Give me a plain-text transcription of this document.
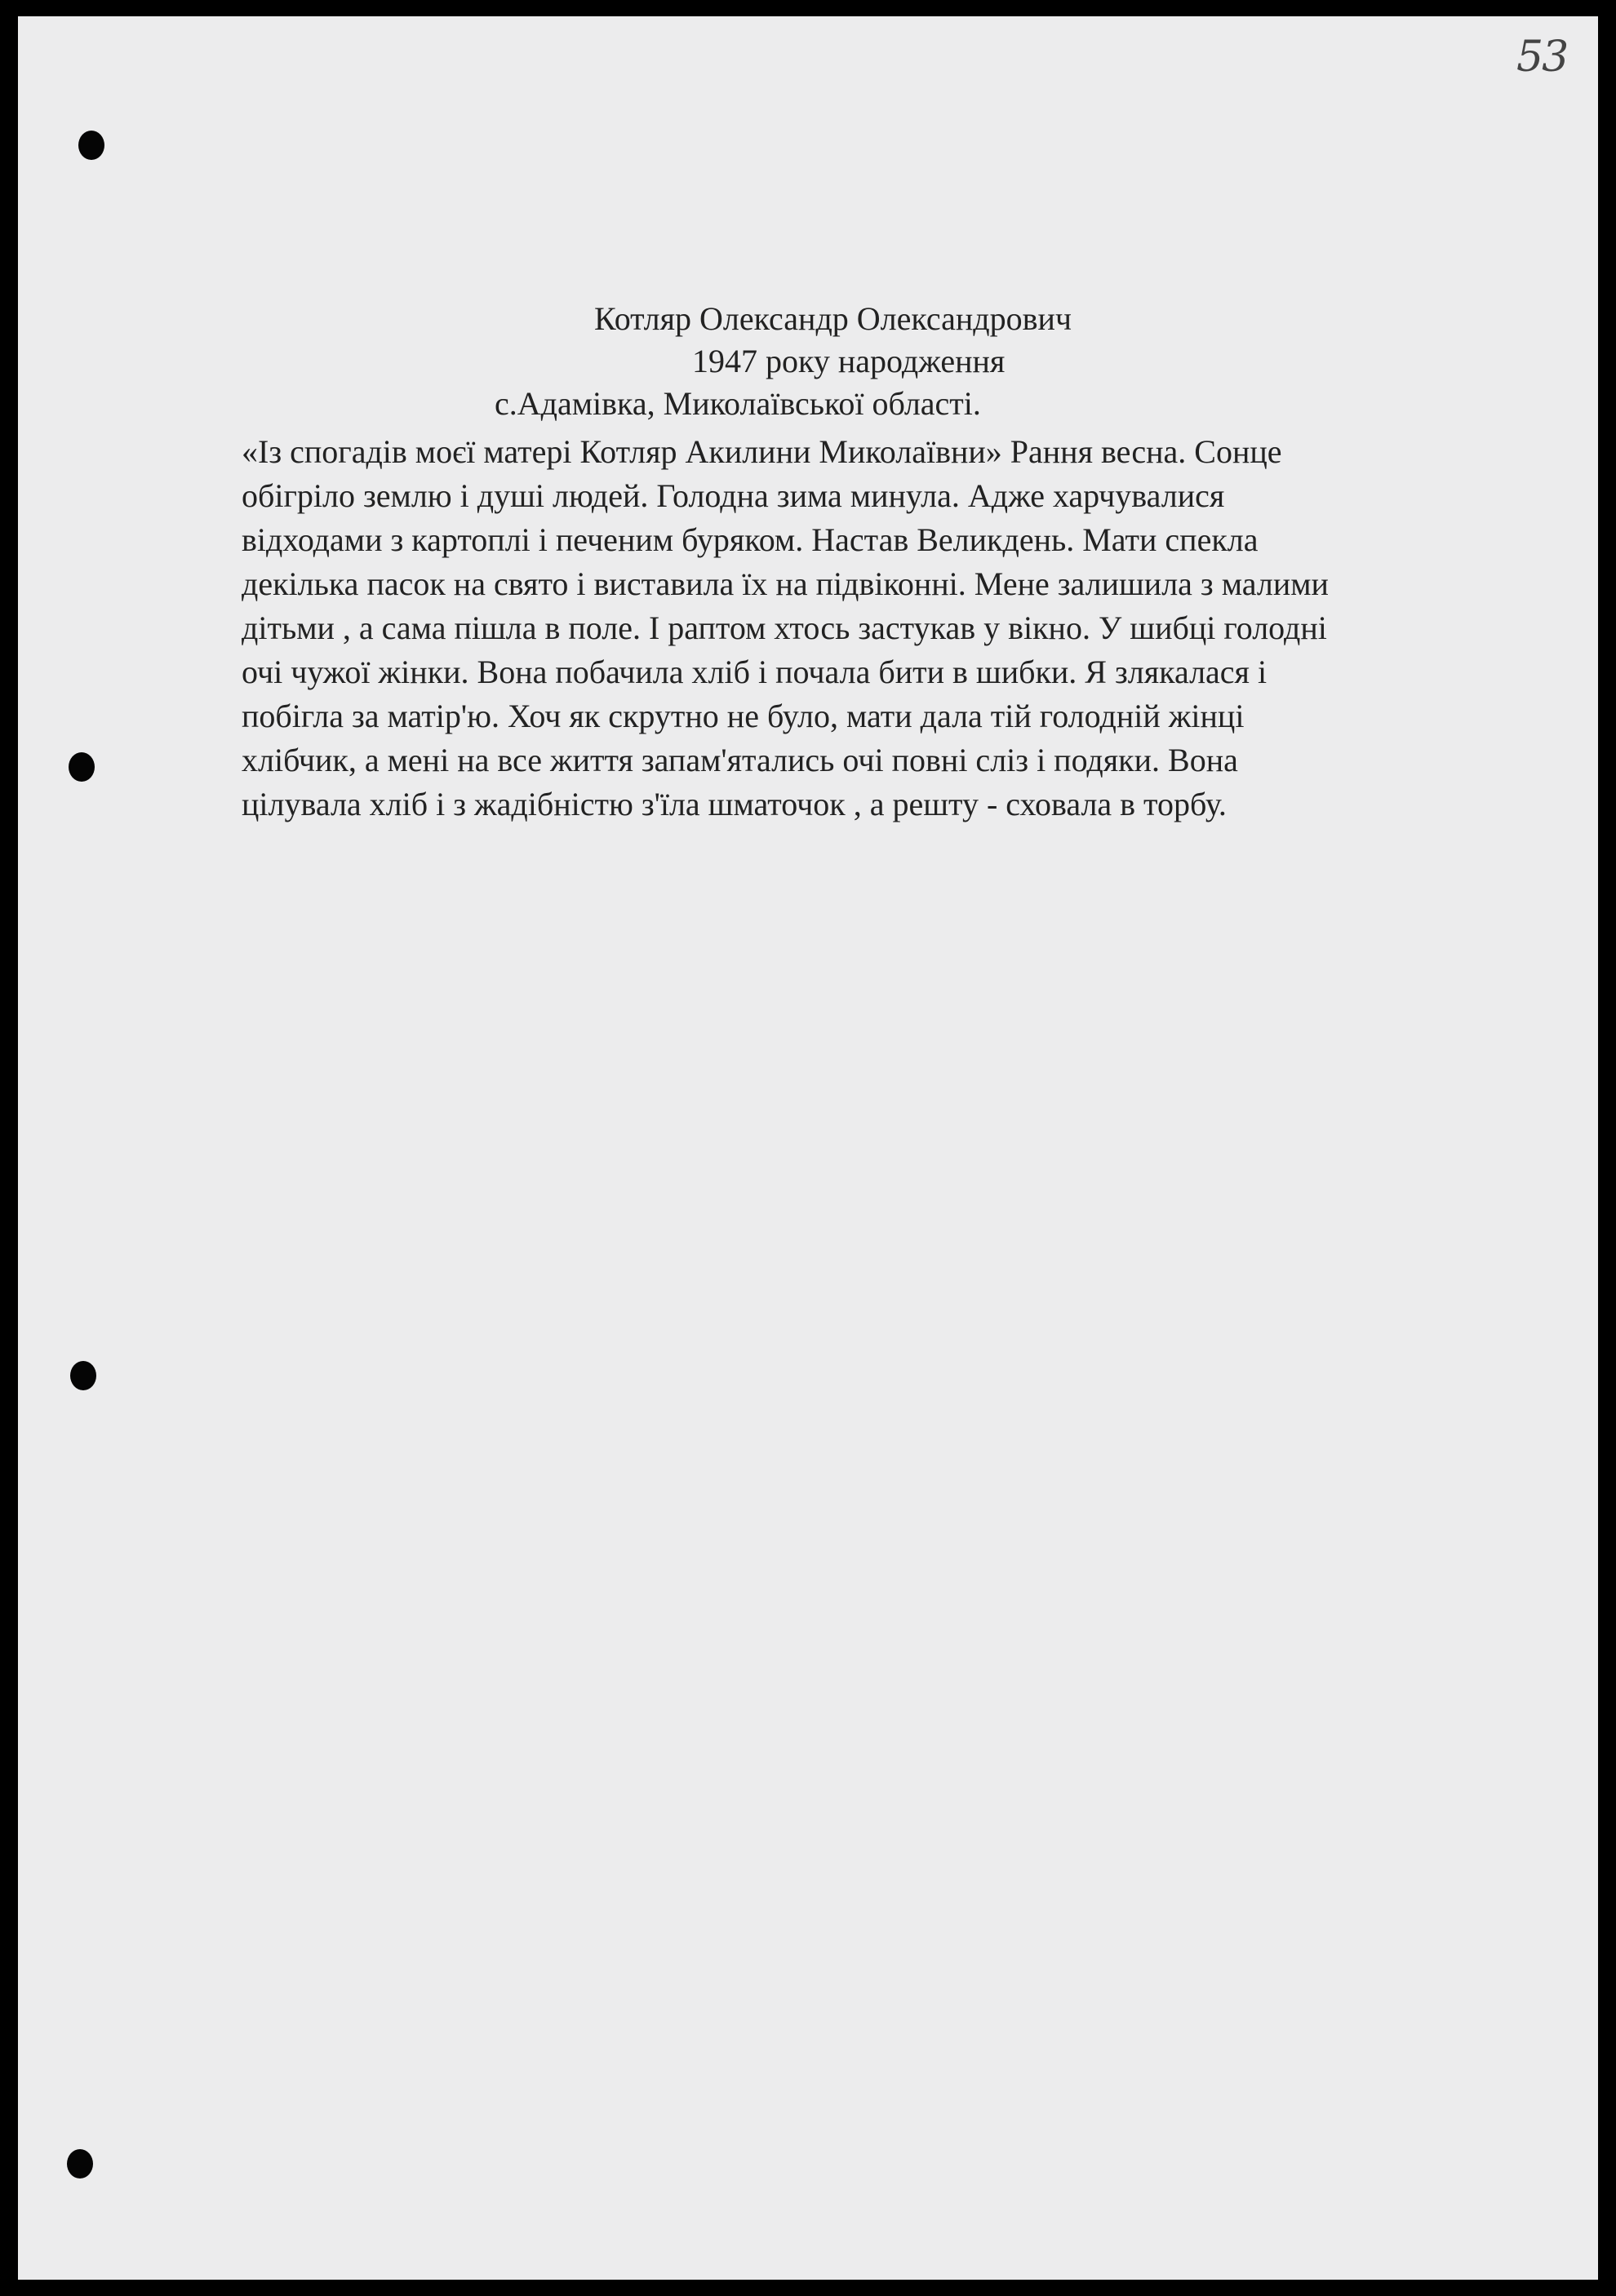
53
Котляр Олександр Олександрович
1947 року народження
с.Адамівка, Миколаївської області.
«Із спогадів моєї матері Котляр Акилини Миколаївни» Рання весна. Сонце
обігріло землю і душі людей. Голодна зима минула. Адже харчувалися
відходами з картоплі і печеним буряком. Настав Великдень. Мати спекла
декілька пасок на свято і виставила їх на підвіконні. Мене залишила з малими
дітьми , а сама пішла в поле. І раптом хтось застукав у вікно. У шибці голодні
очі чужої жінки. Вона побачила хліб і почала бити в шибки. Я злякалася і
побігла за матір'ю. Хоч як скрутно не було, мати дала тій голодній жінці
хлібчик, а мені на все життя запам'ятались очі повні сліз і подяки. Вона
цілувала хліб і з жадібністю з'їла шматочок , а решту - сховала в торбу.
